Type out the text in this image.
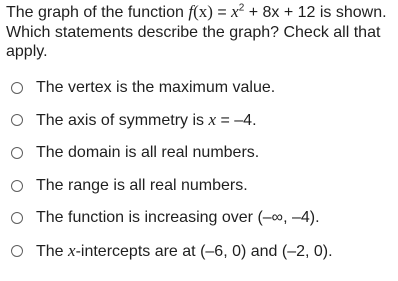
The graph of the function $f(x) = x^2 + 8x + 12$ is shown. Which statements describe the graph? Check all that apply.

The vertex is the maximum value.
The axis of symmetry is x = –4.
The domain is all real numbers.
The range is all real numbers.
The function is increasing over (–∞, –4).
The x-intercepts are at (–6, 0) and (–2, 0).
